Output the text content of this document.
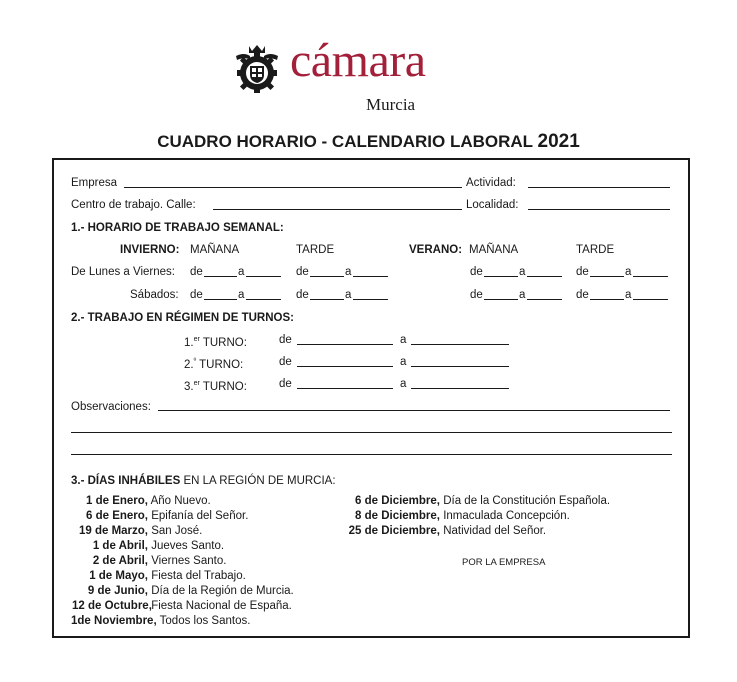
cámara
Murcia
CUADRO HORARIO - CALENDARIO LABORAL 2021
Empresa	Actividad:
Centro de trabajo. Calle:	Localidad:
1.- HORARIO DE TRABAJO SEMANAL:
INVIERNO: MAÑANA	TARDE	VERANO: MAÑANA	TARDE
De Lunes a Viernes: de	a	de	a	de	a	de	a
Sábados: de	a	de	a	de	a	de	a
2.- TRABAJO EN RÉGIMEN DE TURNOS:
1.$^{er}$ TURNO:	de	a
2.$^º$ TURNO:	de	a
3.$^{er}$ TURNO:	de	a
Observaciones:
3.- DÍAS INHÁBILES EN LA REGIÓN DE MURCIA:
1 de Enero, Año Nuevo.
6 de Enero, Epifanía del Señor.
19 de Marzo, San José.
1 de Abril, Jueves Santo.
2 de Abril, Viernes Santo.
1 de Mayo, Fiesta del Trabajo.
9 de Junio, Día de la Región de Murcia.
12 de Octubre, Fiesta Nacional de España.
1de Noviembre, Todos los Santos.
6 de Diciembre, Día de la Constitución Española.
8 de Diciembre, Inmaculada Concepción.
25 de Diciembre, Natividad del Señor.
POR LA EMPRESA
